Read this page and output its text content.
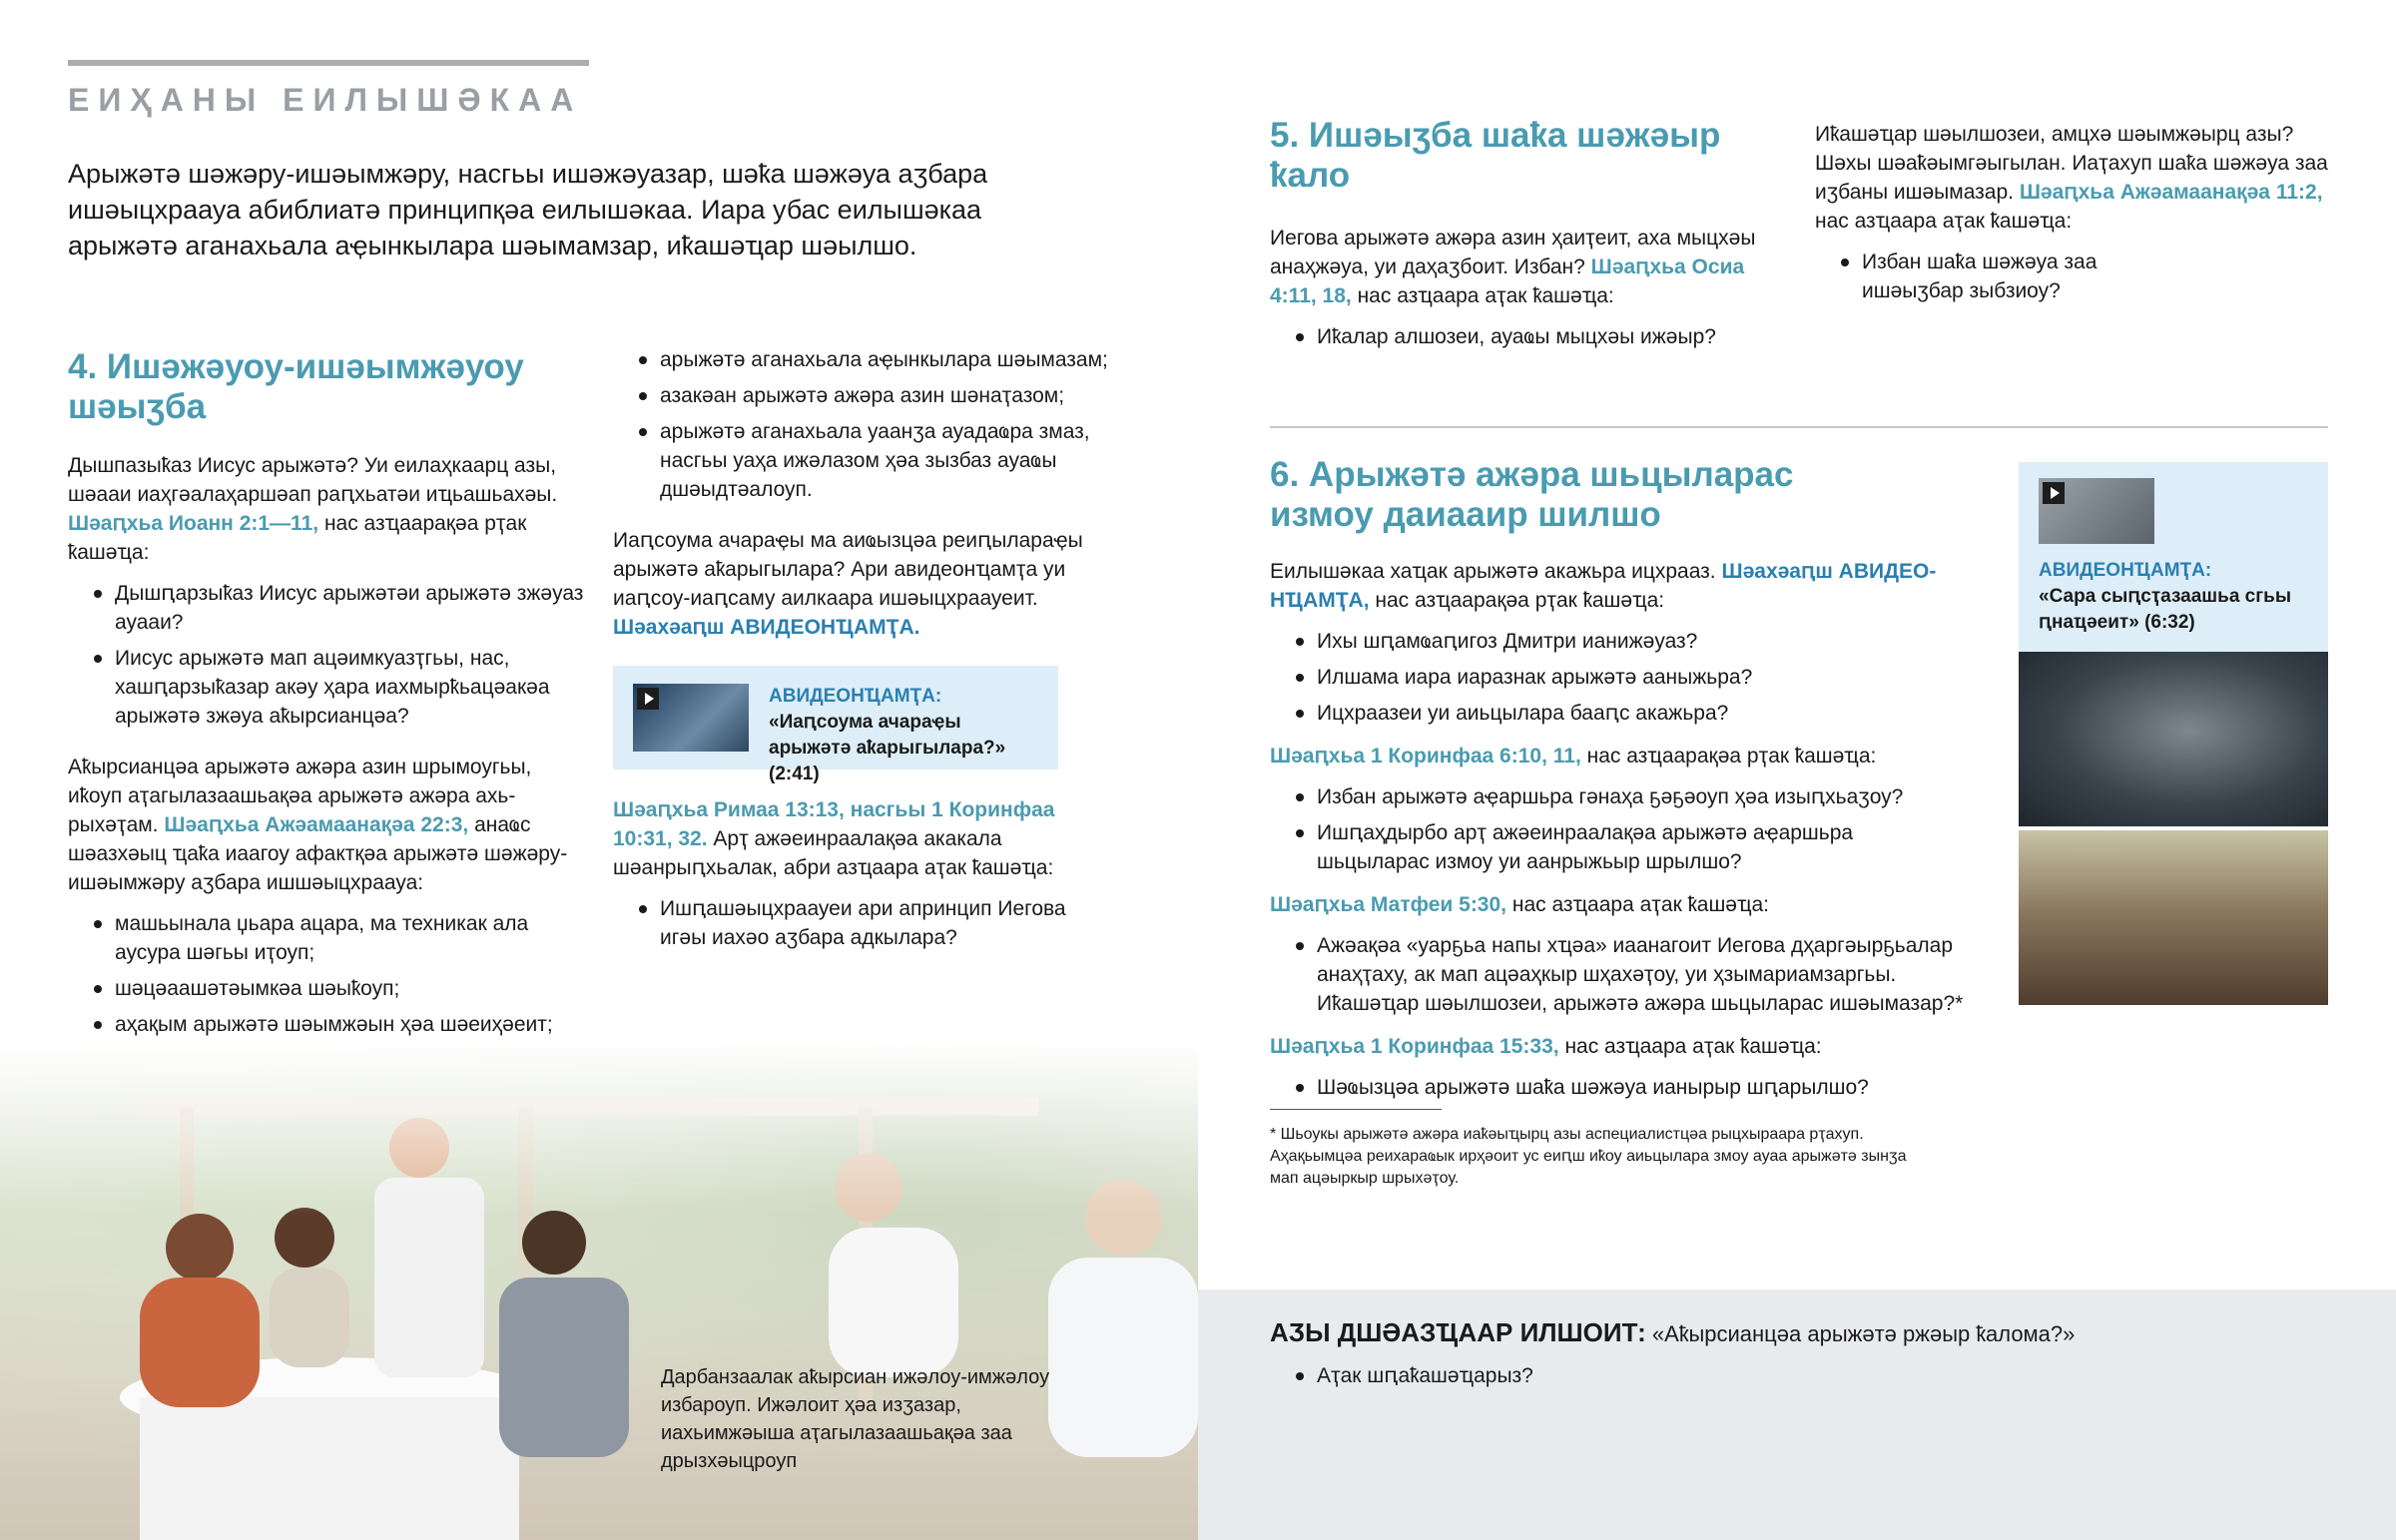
ЕИҲАНЫ ЕИЛЫШӘКАА

Арыжәтә шәжәру-ишәымжәру, насгьы ишәжәуазар, шәҟа шәжәуа аӡбара ишәыцхраауа абиблиатә принципқәа еилышәкаа. Иара убас еилышәкаа арыжәтә аганахьала аҿынкылара шәымамзар, иҟашәҵар шәылшо.

4. Ишәжәуоу-ишәымжәуоу шәыӡба

Дышпазыҟаз Иисус арыжәтә? Уи еилаҳкаарц азы, шәааи иаҳгәалаҳаршәап раԥхьатәи иҵьашьахәы. Шәаԥхьа Иоанн 2:1—11, нас азҵаарақәа рҭак ҟашәҵа:

Дышԥарзыҟаз Иисус арыжәтәи арыжәтә зжәуаз ауааи?
Иисус арыжәтә мап ацәимкуазҭгьы, нас, хашԥарзыҟазар акәу ҳара иахмырҟьацәакәа арыжәтә зжәуа аҟырсианцәа?

Аҟырсианцәа арыжәтә ажәра азин шрымоугьы, иҟоуп аҭагылазаашьақәа арыжәтә ажәра ахь-рыхәҭам. Шәаԥхьа Ажәамаанақәа 22:3, анаҩс шәазхәыц ҵаҟа иаагоу афактқәа арыжәтә шәжәру-ишәымжәру аӡбара ишшәыцхраауа:

машьынала џьара ацара, ма техникак ала аусура шәгьы иҭоуп;
шәцәаашәтәымкәа шәыҟоуп;
аҳақым арыжәтә шәымжәын ҳәа шәеиҳәеит;
арыжәтә аганахьала аҿынкылара шәымазам;
азакәан арыжәтә ажәра азин шәнаҭазом;
арыжәтә аганахьала уаанӡа ауадаҩра змаз, насгьы уаҳа ижәлазом ҳәа зызбаз ауаҩы дшәыдтәалоуп.

Иаԥсоума ачараҿы ма аиҩызцәа реиԥылараҿы арыжәтә аҟарыгылара? Ари авидеонҵамҭа уи иаԥсоу-иаԥсаму аилкаара ишәыцхраауеит. Шәахәаԥш АВИДЕОНҴАМҬА.

АВИДЕОНҴАМҬА: «Иаԥсоума ачараҿы арыжәтә аҟарыгылара?» (2:41)

Шәаԥхьа Римаа 13:13, насгьы 1 Коринфаа 10:31, 32. Арҭ ажәеинраалақәа акакала шәанрыԥхьалак, абри азҵаара аҭак ҟашәҵа:

Ишԥашәыцхраауеи ари апринцип Иегова игәы иахәо аӡбара адкылара?
Дарбанзаалак аҟырсиан ижәлоу-имжәлоу избароуп. Ижәлоит ҳәа изӡазар, иахьимжәыша аҭагылазаашьақәа заа дрызхәыцроуп
5. Ишәыӡба шаҟа шәжәыр ҟало

Иегова арыжәтә ажәра азин ҳаиҭеит, аха мыцхәы анаҳжәуа, уи даҳаӡбоит. Избан? Шәаԥхьа Осиа 4:11, 18, нас азҵаара аҭак ҟашәҵа:

Иҟалар алшозеи, ауаҩы мыцхәы ижәыр?

Иҟашәҵар шәылшозеи, амцхә шәымжәырц азы? Шәхы шәаҟәымгәыгылан. Иаҭахуп шаҟа шәжәуа заа иӡбаны ишәымазар. Шәаԥхьа Ажәамаанақәа 11:2, нас азҵаара аҭак ҟашәҵа:

Избан шаҟа шәжәуа заа ишәыӡбар зыбзиоу?
6. Арыжәтә ажәра шьцыларас измоу даиааир шилшо

Еилышәкаа хаҵак арыжәтә акажьра ицхрааз. Шәахәаԥш АВИДЕО-НҴАМҬА, нас азҵаарақәа рҭак ҟашәҵа:

Ихы шԥамҩаԥигоз Дмитри ианижәуаз?
Илшама иара иаразнак арыжәтә ааныжьра?
Ицхраазеи уи аиьцылара бааԥс акажьра?

Шәаԥхьа 1 Коринфаа 6:10, 11, нас азҵаарақәа рҭак ҟашәҵа:

Избан арыжәтә аҿаршьра гәнаҳа ҕәҕәоуп ҳәа изыԥхьаӡоу?
Ишԥаҳдырбо арҭ ажәеинраалақәа арыжәтә аҿаршьра шьцыларас измоу уи аанрыжьыр шрылшо?

Шәаԥхьа Матфеи 5:30, нас азҵаара аҭак ҟашәҵа:

Ажәақәа «уарҕьа напы хҵәа» иаанагоит Иегова дҳаргәырҕьалар анаҳҭаху, ак мап ацәаҳкыр шҳахәҭоу, уи ҳзымариамзаргьы. Иҟашәҵар шәылшозеи, арыжәтә ажәра шьцыларас ишәымазар?*

Шәаԥхьа 1 Коринфаа 15:33, нас азҵаара аҭак ҟашәҵа:

Шәҩызцәа арыжәтә шаҟа шәжәуа ианырыр шԥарылшо?

* Шьоукы арыжәтә ажәра иаҟәыҵырц азы аспециалистцәа рыцхыраара рҭахуп. Аҳақьымцәа реихараҩык ирҳәоит ус еиԥш иҟоу аиьцылара змоу ауаа арыжәтә зынӡа мап ацәыркыр шрыхәҭоу.

АВИДЕОНҴАМҬА:
«Сара сыԥсҭазаашьа сгьы ԥнаҵәеит» (6:32)
АӠЫ ДШӘАЗҴААР ИЛШОИТ: «Аҟырсианцәа арыжәтә ржәыр ҟалома?»
Аҭак шԥаҟашәҵарыз?
